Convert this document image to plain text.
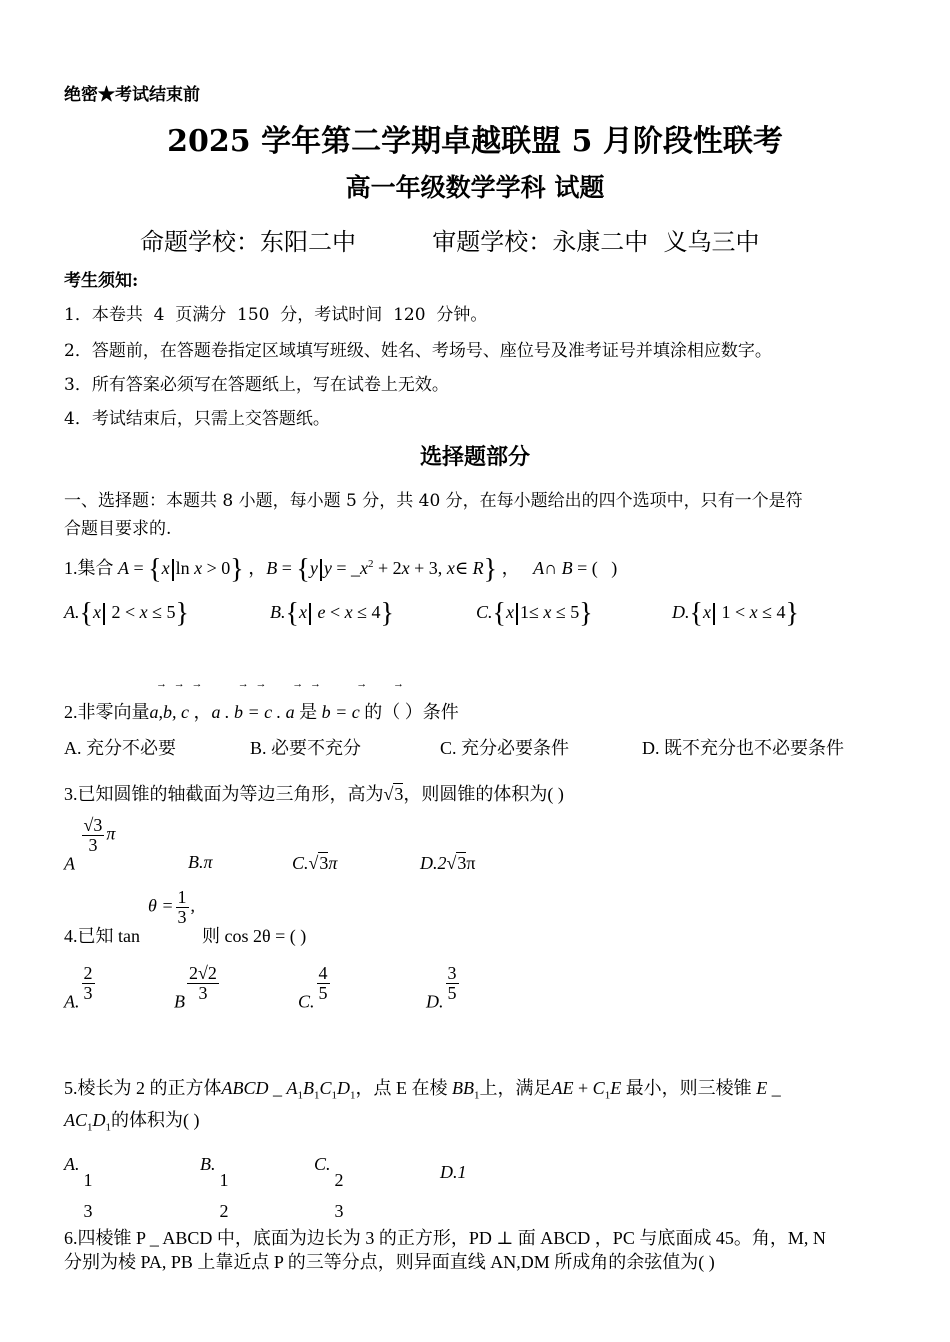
绝密★考试结束前
2025 学年第二学期卓越联盟 5 月阶段性联考
高一年级数学学科 试题
命题学校：东阳二中          审题学校：永康二中  义乌三中
考生须知:
1．本卷共  4  页满分  150  分，考试时间  120  分钟。
2．答题前，在答题卷指定区域填写班级、姓名、考场号、座位号及准考证号并填涂相应数字。
3．所有答案必须写在答题纸上，写在试卷上无效。
4．考试结束后，只需上交答题纸。
选择题部分
一、选择题：本题共 8 小题，每小题 5 分，共 40 分，在每小题给出的四个选项中，只有一个是符
合题目要求的.
1.集合 A = {x ln x > 0} ，B = {y $y = \_x^2 + 2x + 3$, x∈ R} ，   A∩ B = (   )
A.{x 2 < x ≤ 5}	B.{x e < x ≤ 4}	C.{x 1≤ x ≤ 5}	D.{x 1 < x ≤ 4}
→ → →       → →     → →       →     →
2.非零向量a,b, c ，a . b = c . a 是 b = c 的（ ）条件
A. 充分不必要	B. 必要不充分	C. 充分必要条件	D. 既不充分也不必要条件
3.已知圆锥的轴截面为等边三角形，高为√3，则圆锥的体积为( )
A
$\frac{√3}{3}$ π
B.π	C.√3π	D.2√3π
$\theta = \frac{1}{3}$ ,
4.已知 tan	则 cos 2θ = ( )
A. $\frac{2}{3}$	B $\frac{2√2}{3}$	C. $\frac{4}{5}$	D. $\frac{3}{5}$
5.棱长为 2 的正方体ABCD _ $A_1B_1C_1D_1$，点 E 在棱 $BB_1$上，满足AE + $C_1E$ 最小，则三棱锥 E _
$AC_1D_1$的体积为( )
A.
1
3
B.
1
2
C.
2
3
D.1
6.四棱锥 P _ ABCD 中，底面为边长为 3 的正方形，PD ⊥ 面 ABCD ，PC 与底面成 45。角，M, N
分别为棱 PA, PB 上靠近点 P 的三等分点，则异面直线 AN,DM 所成角的余弦值为( )
